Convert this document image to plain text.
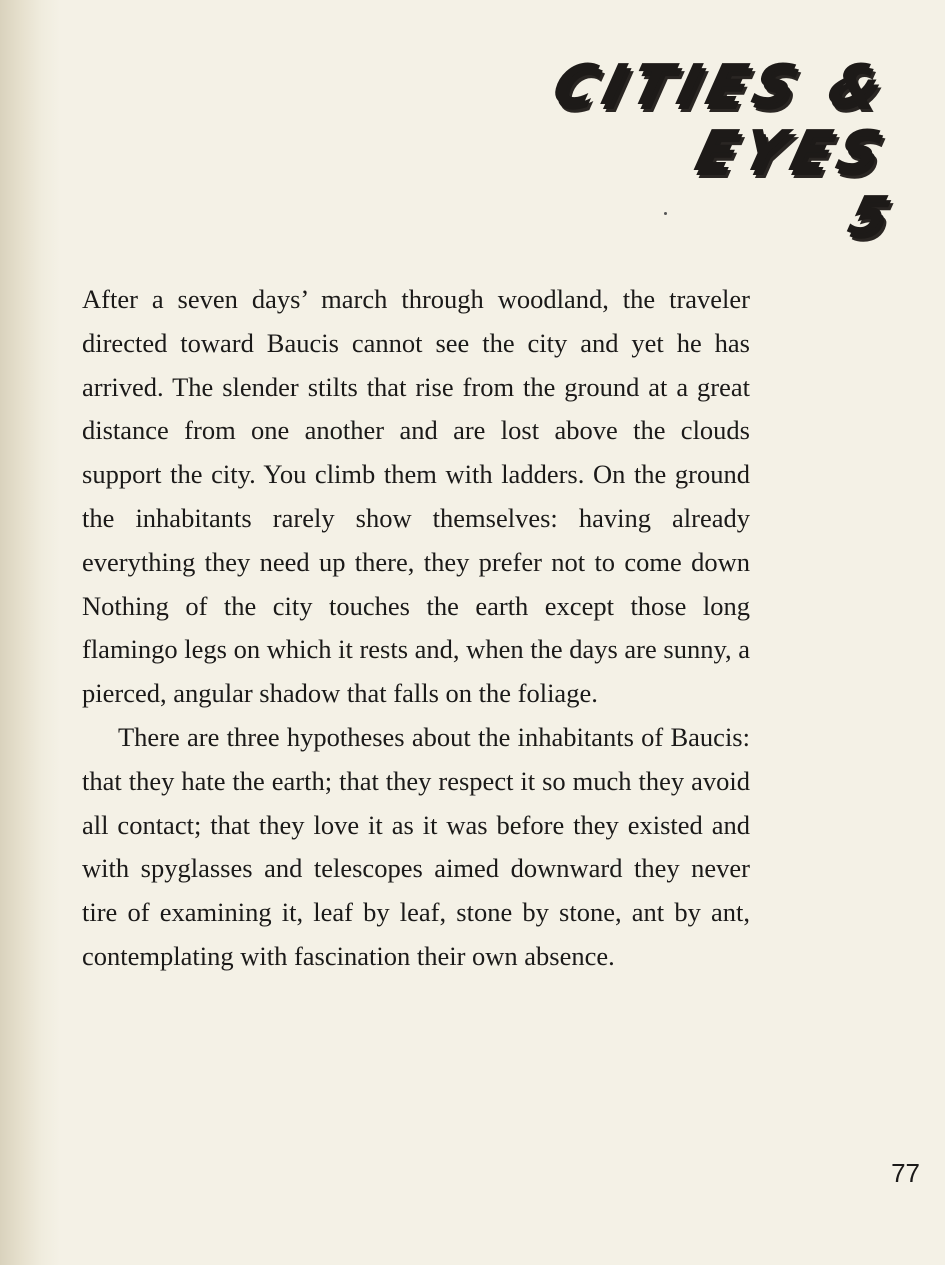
CITIES &
EYES
5

After a seven days’ march through woodland, the traveler directed toward Baucis cannot see the city and yet he has arrived. The slender stilts that rise from the ground at a great distance from one another and are lost above the clouds support the city. You climb them with ladders. On the ground the inhabitants rarely show themselves: having already everything they need up there, they prefer not to come down Nothing of the city touches the earth except those long flamingo legs on which it rests and, when the days are sunny, a pierced, angular shadow that falls on the foliage.

There are three hypotheses about the inhabitants of Baucis: that they hate the earth; that they respect it so much they avoid all contact; that they love it as it was before they existed and with spyglasses and telescopes aimed downward they never tire of examining it, leaf by leaf, stone by stone, ant by ant, contemplating with fascination their own absence.

77
